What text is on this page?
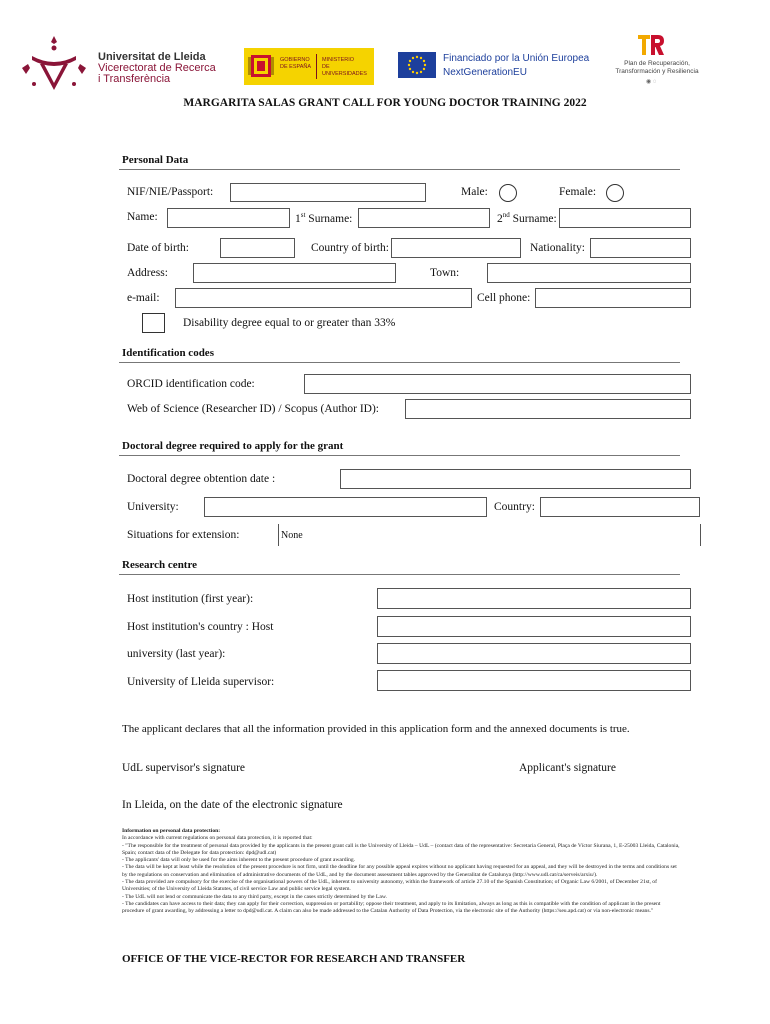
Universitat de Lleida
Vicerectorat de Recerca
i Transferència
GOBIERNO
DE ESPAÑA
MINISTERIO
DE UNIVERSIDADES
Financiado por la Unión Europea
NextGenerationEU
Plan de Recuperación,
Transformación y Resiliencia
◉ ◌
MARGARITA SALAS GRANT CALL FOR YOUNG DOCTOR TRAINING 2022
Personal Data
NIF/NIE/Passport:	Male:	Female:
Name:	1st Surname:	2nd Surname:
Date of birth:	Country of birth:	Nationality:
Address:	Town:
e-mail:	Cell phone:
Disability degree equal to or greater than 33%
Identification codes
ORCID identification code:
Web of Science (Researcher ID) / Scopus (Author ID):
Doctoral degree required to apply for the grant
Doctoral degree obtention date :
University:	Country:
Situations for extension:	None
Research centre
Host institution (first year):
Host institution's country : Host
university (last year):
University of Lleida supervisor:
The applicant declares that all the information provided in this application form and the annexed documents is true.
UdL supervisor's signature	Applicant's signature
In Lleida, on the date of the electronic signature

Information on personal data protection:

In accordance with current regulations on personal data protection, it is reported that:

- "The responsible for the treatment of personal data provided by the applicants in the present grant call is the University of Lleida – UdL – (contact data of the representative: Secretaria General, Plaça de Víctor Siurana, 1, E-25003 Lleida, Catalonia, Spain; contact data of the Delegate for data protection: dpd@udl.cat)

- The applicants' data will only be used for the aims inherent to the present procedure of grant awarding.

- The data will be kept at least while the resolution of the present procedure is not firm, until the deadline for any possible appeal expires without no applicant having requested for an appeal, and they will be destroyed in the terms and conditions set by the regulations on conservation and elimination of administrative documents of the UdL, and by the document assessment tables approved by the Generalitat de Catalunya (http://www.udl.cat/ca/serveis/arxiu/).

- The data provided are compulsory for the exercise of the organisational powers of the UdL, inherent to university autonomy, within the framework of article 27.10 of the Spanish Constitution; of Organic Law 6/2001, of December 21st, of Universities; of the University of Lleida Statutes, of civil service Law and public service legal system.

- The UdL will not lend or communicate the data to any third party, except in the cases strictly determined by the Law.

- The candidates can have access to their data; they can apply for their correction, suppression or portability; oppose their treatment, and apply to its limitation, always as long as this is compatible with the condition of applicant in the present procedure of grant awarding, by addressing a letter to dpd@udl.cat. A claim can also be made addressed to the Catalan Authority of Data Protection, via the electronic site of the Authority (https://seu.apd.cat) or via non-electronic means."

OFFICE OF THE VICE-RECTOR FOR RESEARCH AND TRANSFER
